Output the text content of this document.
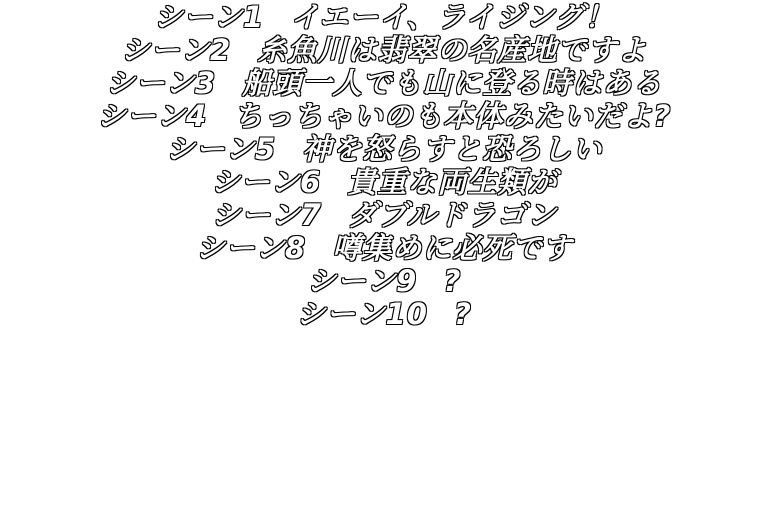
シーン1 イエーイ、ライジング！
シーン2 糸魚川は翡翠の名産地ですよ
シーン3 船頭一人でも山に登る時はある
シーン4 ちっちゃいのも本体みたいだよ?
シーン5 神を怒らすと恐ろしい
シーン6 貴重な両生類が
シーン7 ダブルドラゴン
シーン8 噂集めに必死です
シーン9 ?
シーン10 ?
